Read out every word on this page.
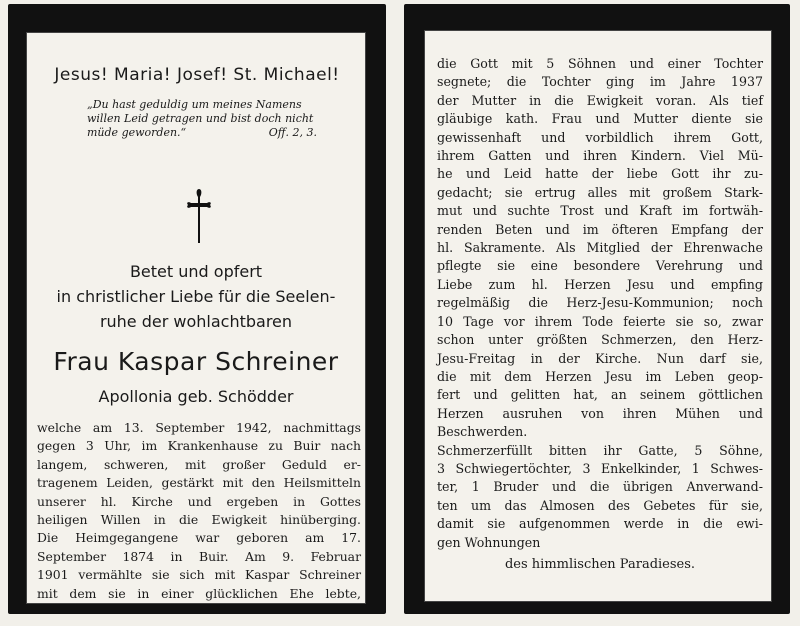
Jesus! Maria! Josef! St. Michael!
„Du hast geduldig um meines Namens
willen Leid getragen und bist doch nicht
müde geworden.“	Off. 2, 3.
Betet und opfert
in christlicher Liebe für die Seelen-
ruhe der wohlachtbaren
Frau Kaspar Schreiner
Apollonia geb. Schödder
welche am 13. September 1942, nachmittags
gegen 3 Uhr, im Krankenhause zu Buir nach
langem, schweren, mit großer Geduld er-
tragenem Leiden, gestärkt mit den Heilsmitteln
unserer hl. Kirche und ergeben in Gottes
heiligen Willen in die Ewigkeit hinüberging.
Die Heimgegangene war geboren am 17.
September 1874 in Buir. Am 9. Februar
1901 vermählte sie sich mit Kaspar Schreiner
mit dem sie in einer glücklichen Ehe lebte,
die Gott mit 5 Söhnen und einer Tochter
segnete; die Tochter ging im Jahre 1937
der Mutter in die Ewigkeit voran. Als tief
gläubige kath. Frau und Mutter diente sie
gewissenhaft und vorbildlich ihrem Gott,
ihrem Gatten und ihren Kindern. Viel Mü-
he und Leid hatte der liebe Gott ihr zu-
gedacht; sie ertrug alles mit großem Stark-
mut und suchte Trost und Kraft im fortwäh-
renden Beten und im öfteren Empfang der
hl. Sakramente. Als Mitglied der Ehrenwache
pflegte sie eine besondere Verehrung und
Liebe zum hl. Herzen Jesu und empfing
regelmäßig die Herz-Jesu-Kommunion; noch
10 Tage vor ihrem Tode feierte sie so, zwar
schon unter größten Schmerzen, den Herz-
Jesu-Freitag in der Kirche. Nun darf sie,
die mit dem Herzen Jesu im Leben geop-
fert und gelitten hat, an seinem göttlichen
Herzen ausruhen von ihren Mühen und
Beschwerden.
Schmerzerfüllt bitten ihr Gatte, 5 Söhne,
3 Schwiegertöchter, 3 Enkelkinder, 1 Schwes-
ter, 1 Bruder und die übrigen Anverwand-
ten um das Almosen des Gebetes für sie,
damit sie aufgenommen werde in die ewi-
gen Wohnungen
des himmlischen Paradieses.
